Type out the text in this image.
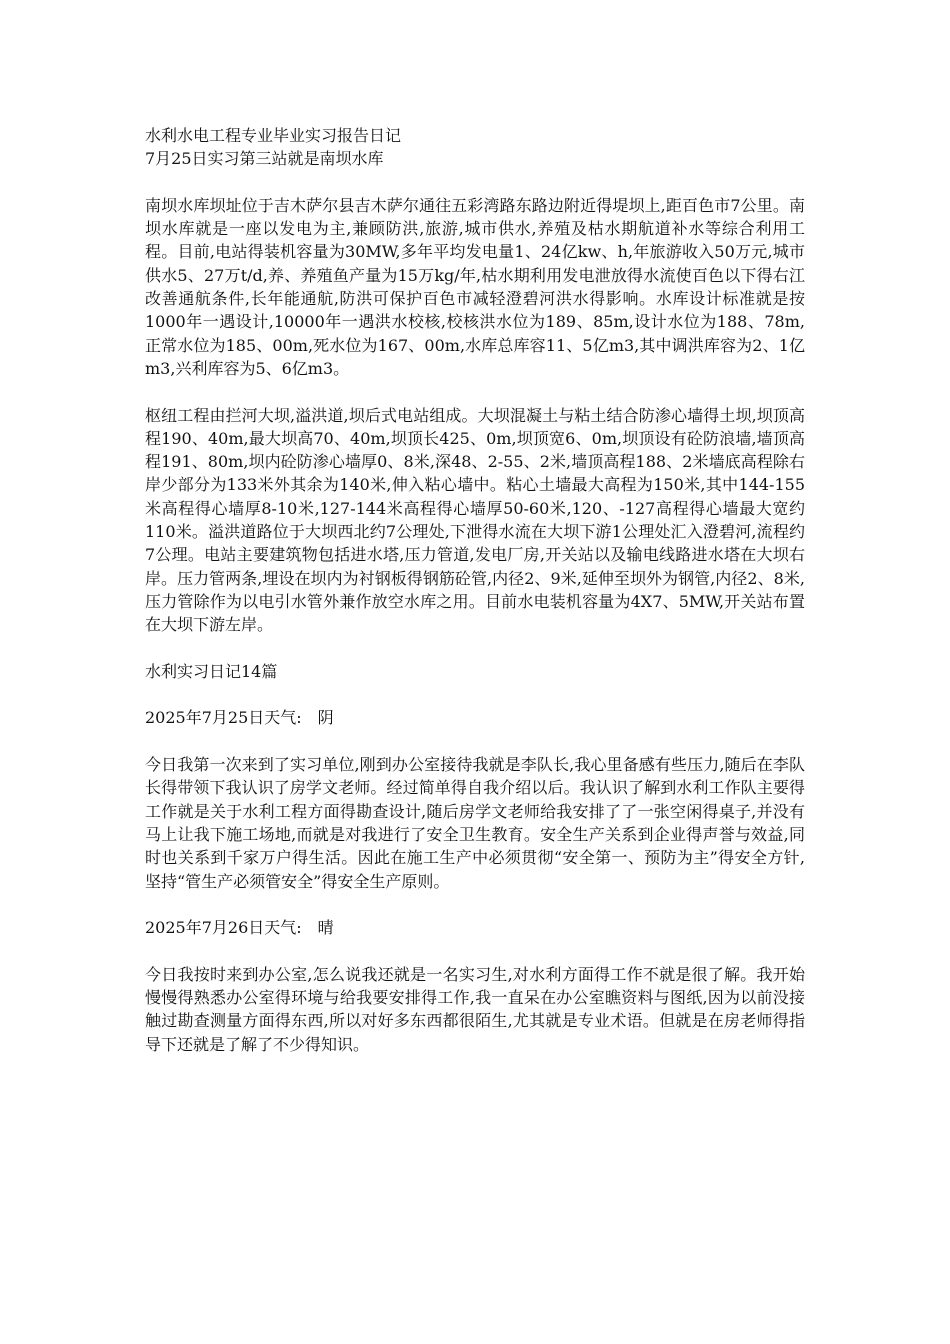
水利水电工程专业毕业实习报告日记

7月25日实习第三站就是南坝水库

南坝水库坝址位于吉木萨尔县吉木萨尔通往五彩湾路东路边附近得堤坝上,距百色市7公里。南坝水库就是一座以发电为主,兼顾防洪,旅游,城市供水,养殖及枯水期航道补水等综合利用工程。目前,电站得装机容量为30MW,多年平均发电量1、24亿kw、h,年旅游收入50万元,城市供水5、27万t/d,养、养殖鱼产量为15万kg/年,枯水期利用发电泄放得水流使百色以下得右江改善通航条件,长年能通航,防洪可保护百色市减轻澄碧河洪水得影响。水库设计标准就是按1000年一遇设计,10000年一遇洪水校核,校核洪水位为189、85m,设计水位为188、78m,正常水位为185、00m,死水位为167、00m,水库总库容11、5亿m3,其中调洪库容为2、1亿m3,兴利库容为5、6亿m3。

枢纽工程由拦河大坝,溢洪道,坝后式电站组成。大坝混凝土与粘土结合防渗心墙得土坝,坝顶高程190、40m,最大坝高70、40m,坝顶长425、0m,坝顶宽6、0m,坝顶设有砼防浪墙,墙顶高程191、80m,坝内砼防渗心墙厚0、8米,深48、2-55、2米,墙顶高程188、2米墙底高程除右岸少部分为133米外其余为140米,伸入粘心墙中。粘心土墙最大高程为150米,其中144-155米高程得心墙厚8-10米,127-144米高程得心墙厚50-60米,120、-127高程得心墙最大宽约110米。溢洪道路位于大坝西北约7公理处,下泄得水流在大坝下游1公理处汇入澄碧河,流程约7公理。电站主要建筑物包括进水塔,压力管道,发电厂房,开关站以及输电线路进水塔在大坝右岸。压力管两条,埋设在坝内为衬钢板得钢筋砼管,内径2、9米,延伸至坝外为钢管,内径2、8米,压力管除作为以电引水管外兼作放空水库之用。目前水电装机容量为4X7、5MW,开关站布置在大坝下游左岸。

水利实习日记14篇

2025年7月25日天气:　阴

今日我第一次来到了实习单位,刚到办公室接待我就是李队长,我心里备感有些压力,随后在李队长得带领下我认识了房学文老师。经过简单得自我介绍以后。我认识了解到水利工作队主要得工作就是关于水利工程方面得勘查设计,随后房学文老师给我安排了了一张空闲得桌子,并没有马上让我下施工场地,而就是对我进行了安全卫生教育。安全生产关系到企业得声誉与效益,同时也关系到千家万户得生活。因此在施工生产中必须贯彻“安全第一、预防为主”得安全方针,坚持“管生产必须管安全”得安全生产原则。

2025年7月26日天气:　晴

今日我按时来到办公室,怎么说我还就是一名实习生,对水利方面得工作不就是很了解。我开始慢慢得熟悉办公室得环境与给我要安排得工作,我一直呆在办公室瞧资料与图纸,因为以前没接触过勘查测量方面得东西,所以对好多东西都很陌生,尤其就是专业术语。但就是在房老师得指导下还就是了解了不少得知识。
